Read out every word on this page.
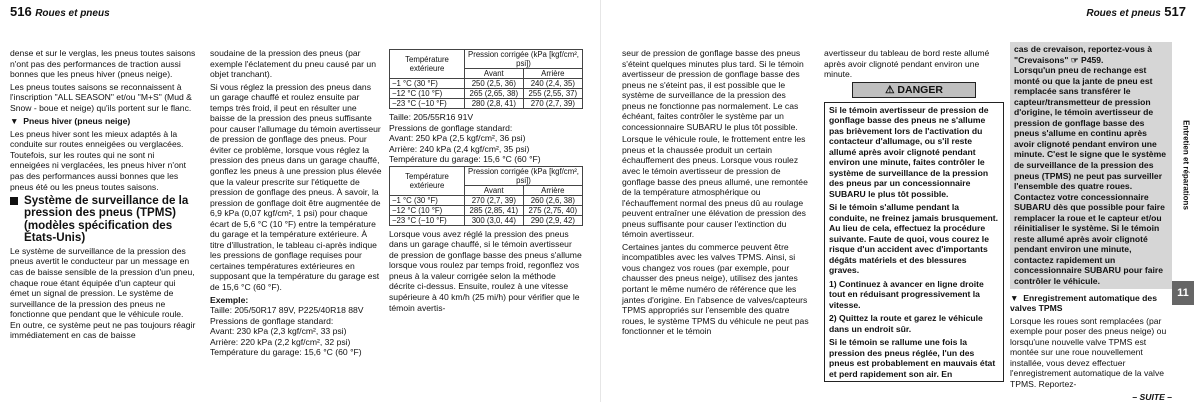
516 Roues et pneus

dense et sur le verglas, les pneus toutes saisons n'ont pas des performances de traction aussi bonnes que les pneus hiver (pneus neige).

Les pneus toutes saisons se reconnaissent à l'inscription "ALL SEASON" et/ou "M+S" (Mud & Snow - boue et neige) qu'ils portent sur le flanc.

▼  Pneus hiver (pneus neige)

Les pneus hiver sont les mieux adaptés à la conduite sur routes enneigées ou verglacées. Toutefois, sur les routes qui ne sont ni enneigées ni verglacées, les pneus hiver n'ont pas des performances aussi bonnes que les pneus été ou les pneus toutes saisons.

Système de surveillance de la pression des pneus (TPMS) (modèles spécification des États-Unis)

Le système de surveillance de la pression des pneus avertit le conducteur par un message en cas de baisse sensible de la pression d'un pneu, chaque roue étant équipée d'un capteur qui émet un signal de pression. Le système de surveillance de la pression des pneus ne fonctionne que pendant que le véhicule roule. En outre, ce système peut ne pas toujours réagir immédiatement en cas de baisse

soudaine de la pression des pneus (par exemple l'éclatement du pneu causé par un objet tranchant).

Si vous réglez la pression des pneus dans un garage chauffé et roulez ensuite par temps très froid, il peut en résulter une baisse de la pression des pneus suffisante pour causer l'allumage du témoin avertisseur de pression de gonflage des pneus. Pour éviter ce problème, lorsque vous réglez la pression des pneus dans un garage chauffé, gonflez les pneus à une pression plus élevée que la valeur prescrite sur l'étiquette de pression de gonflage des pneus. À savoir, la pression de gonflage doit être augmentée de 6,9 kPa (0,07 kgf/cm², 1 psi) pour chaque écart de 5,6 °C (10 °F) entre la température du garage et la température extérieure. À titre d'illustration, le tableau ci-après indique les pressions de gonflage requises pour certaines températures extérieures en supposant que la température du garage est de 15,6 °C (60 °F).

Exemple:
Taille: 205/50R17 89V, P225/40R18 88V
Pressions de gonflage standard:
Avant: 230 kPa (2,3 kgf/cm², 33 psi)
Arrière: 220 kPa (2,2 kgf/cm², 32 psi)
Température du garage: 15,6 °C (60 °F)
Température extérieure	Pression corrigée (kPa [kgf/cm², psi])	
	Avant	Arrière
−1 °C (30 °F)	250 (2,5, 36)	240 (2,4, 35)
−12 °C (10 °F)	265 (2,65, 38)	255 (2,55, 37)
−23 °C (−10 °F)	280 (2,8, 41)	270 (2,7, 39)
Taille: 205/55R16 91V
Pressions de gonflage standard:
Avant: 250 kPa (2,5 kgf/cm², 36 psi)
Arrière: 240 kPa (2,4 kgf/cm², 35 psi)
Température du garage: 15,6 °C (60 °F)
Température extérieure	Pression corrigée (kPa [kgf/cm², psi])	
	Avant	Arrière
−1 °C (30 °F)	270 (2,7, 39)	260 (2,6, 38)
−12 °C (10 °F)	285 (2,85, 41)	275 (2,75, 40)
−23 °C (−10 °F)	300 (3,0, 44)	290 (2,9, 42)

Lorsque vous avez réglé la pression des pneus dans un garage chauffé, si le témoin avertisseur de pression de gonflage basse des pneus s'allume lorsque vous roulez par temps froid, regonflez vos pneus à la valeur corrigée selon la méthode décrite ci-dessus. Ensuite, roulez à une vitesse supérieure à 40 km/h (25 mi/h) pour vérifier que le témoin avertis-

Roues et pneus 517

seur de pression de gonflage basse des pneus s'éteint quelques minutes plus tard. Si le témoin avertisseur de pression de gonflage basse des pneus ne s'éteint pas, il est possible que le système de surveillance de la pression des pneus ne fonctionne pas normalement. Le cas échéant, faites contrôler le système par un concessionnaire SUBARU le plus tôt possible.

Lorsque le véhicule roule, le frottement entre les pneus et la chaussée produit un certain échauffement des pneus. Lorsque vous roulez avec le témoin avertisseur de pression de gonflage basse des pneus allumé, une remontée de la température atmosphérique ou l'échauffement normal des pneus dû au roulage peuvent entraîner une élévation de pression des pneus suffisante pour causer l'extinction du témoin avertisseur.

Certaines jantes du commerce peuvent être incompatibles avec les valves TPMS. Ainsi, si vous changez vos roues (par exemple, pour chausser des pneus neige), utilisez des jantes portant le même numéro de référence que les jantes d'origine. En l'absence de valves/capteurs TPMS appropriés sur l'ensemble des quatre roues, le système TPMS du véhicule ne peut pas fonctionner et le témoin

avertisseur du tableau de bord reste allumé après avoir clignoté pendant environ une minute.

⚠ DANGER

Si le témoin avertisseur de pression de gonflage basse des pneus ne s'allume pas brièvement lors de l'activation du contacteur d'allumage, ou s'il reste allumé après avoir clignoté pendant environ une minute, faites contrôler le système de surveillance de la pression des pneus par un concessionnaire SUBARU le plus tôt possible.

Si le témoin s'allume pendant la conduite, ne freinez jamais brusquement. Au lieu de cela, effectuez la procédure suivante. Faute de quoi, vous courez le risque d'un accident avec d'importants dégâts matériels et des blessures graves.

1) Continuez à avancer en ligne droite tout en réduisant progressivement la vitesse.

2) Quittez la route et garez le véhicule dans un endroit sûr.

Si le témoin se rallume une fois la pression des pneus réglée, l'un des pneus est probablement en mauvais état et perd rapidement son air. En

cas de crevaison, reportez-vous à "Crevaisons" ☞ P459.
Lorsqu'un pneu de rechange est monté ou que la jante de pneu est remplacée sans transférer le capteur/transmetteur de pression d'origine, le témoin avertisseur de pression de gonflage basse des pneus s'allume en continu après avoir clignoté pendant environ une minute. C'est le signe que le système de surveillance de la pression des pneus (TPMS) ne peut pas surveiller l'ensemble des quatre roues. Contactez votre concessionnaire SUBARU dès que possible pour faire remplacer la roue et le capteur et/ou réinitialiser le système. Si le témoin reste allumé après avoir clignoté pendant environ une minute, contactez rapidement un concessionnaire SUBARU pour faire contrôler le véhicule.
▼  Enregistrement automatique des valves TPMS

Lorsque les roues sont remplacées (par exemple pour poser des pneus neige) ou lorsqu'une nouvelle valve TPMS est montée sur une roue nouvellement installée, vous devez effectuer l'enregistrement automatique de la valve TPMS. Reportez-

– SUITE –
Entretien et réparations
11
